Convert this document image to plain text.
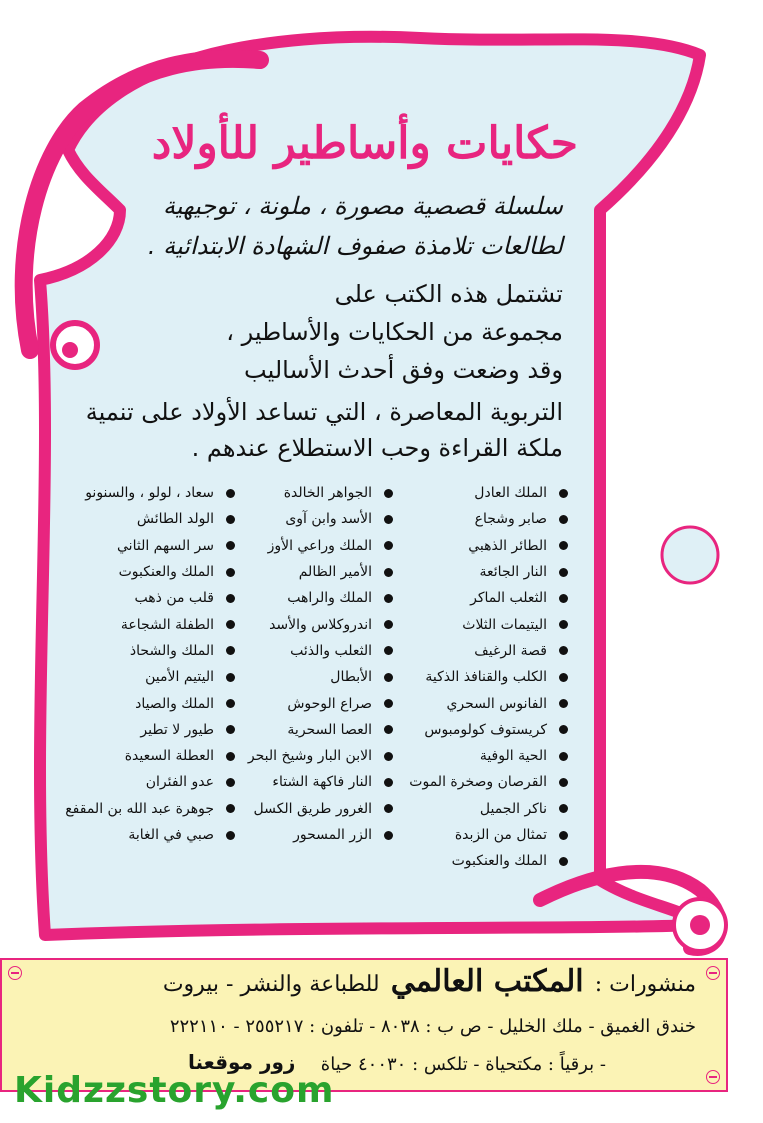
حكايات وأساطير للأولاد
سلسلة قصصية مصورة ، ملونة ، توجيهية
لطالعات تلامذة صفوف الشهادة الابتدائية .
تشتمل هذه الكتب على
مجموعة من الحكايات والأساطير ،
وقد وضعت وفق أحدث الأساليب
التربوية المعاصرة ، التي تساعد الأولاد على تنمية
ملكة القراءة وحب الاستطلاع عندهم .
الملك العادل
صابر وشجاع
الطائر الذهبي
النار الجائعة
الثعلب الماكر
اليتيمات الثلاث
قصة الرغيف
الكلب والقنافذ الذكية
الفانوس السحري
كريستوف كولومبوس
الحية الوفية
القرصان وصخرة الموت
ناكر الجميل
تمثال من الزبدة
الملك والعنكبوت
الجواهر الخالدة
الأسد وابن آوى
الملك وراعي الأوز
الأمير الظالم
الملك والراهب
اندروكلاس والأسد
الثعلب والذئب
الأبطال
صراع الوحوش
العصا السحرية
الابن البار وشيخ البحر
النار فاكهة الشتاء
الغرور طريق الكسل
الزر المسحور
سعاد ، لولو ، والسنونو
الولد الطائش
سر السهم الثاني
الملك والعنكبوت
قلب من ذهب
الطفلة الشجاعة
الملك والشحاذ
اليتيم الأمين
الملك والصياد
طيور لا تطير
العطلة السعيدة
عدو الفئران
جوهرة عبد الله بن المقفع
صبي في الغابة
منشورات : المكتب العالمي للطباعة والنشر - بيروت
خندق الغميق - ملك الخليل - ص ب : ٨٠٣٨ - تلفون : ٢٥٥٢١٧ - ٢٢٢١١٠
- برقياً : مكتحياة - تلكس : ٤٠٠٣٠ حياة
زور موقعنا
Kidzzstory.com
